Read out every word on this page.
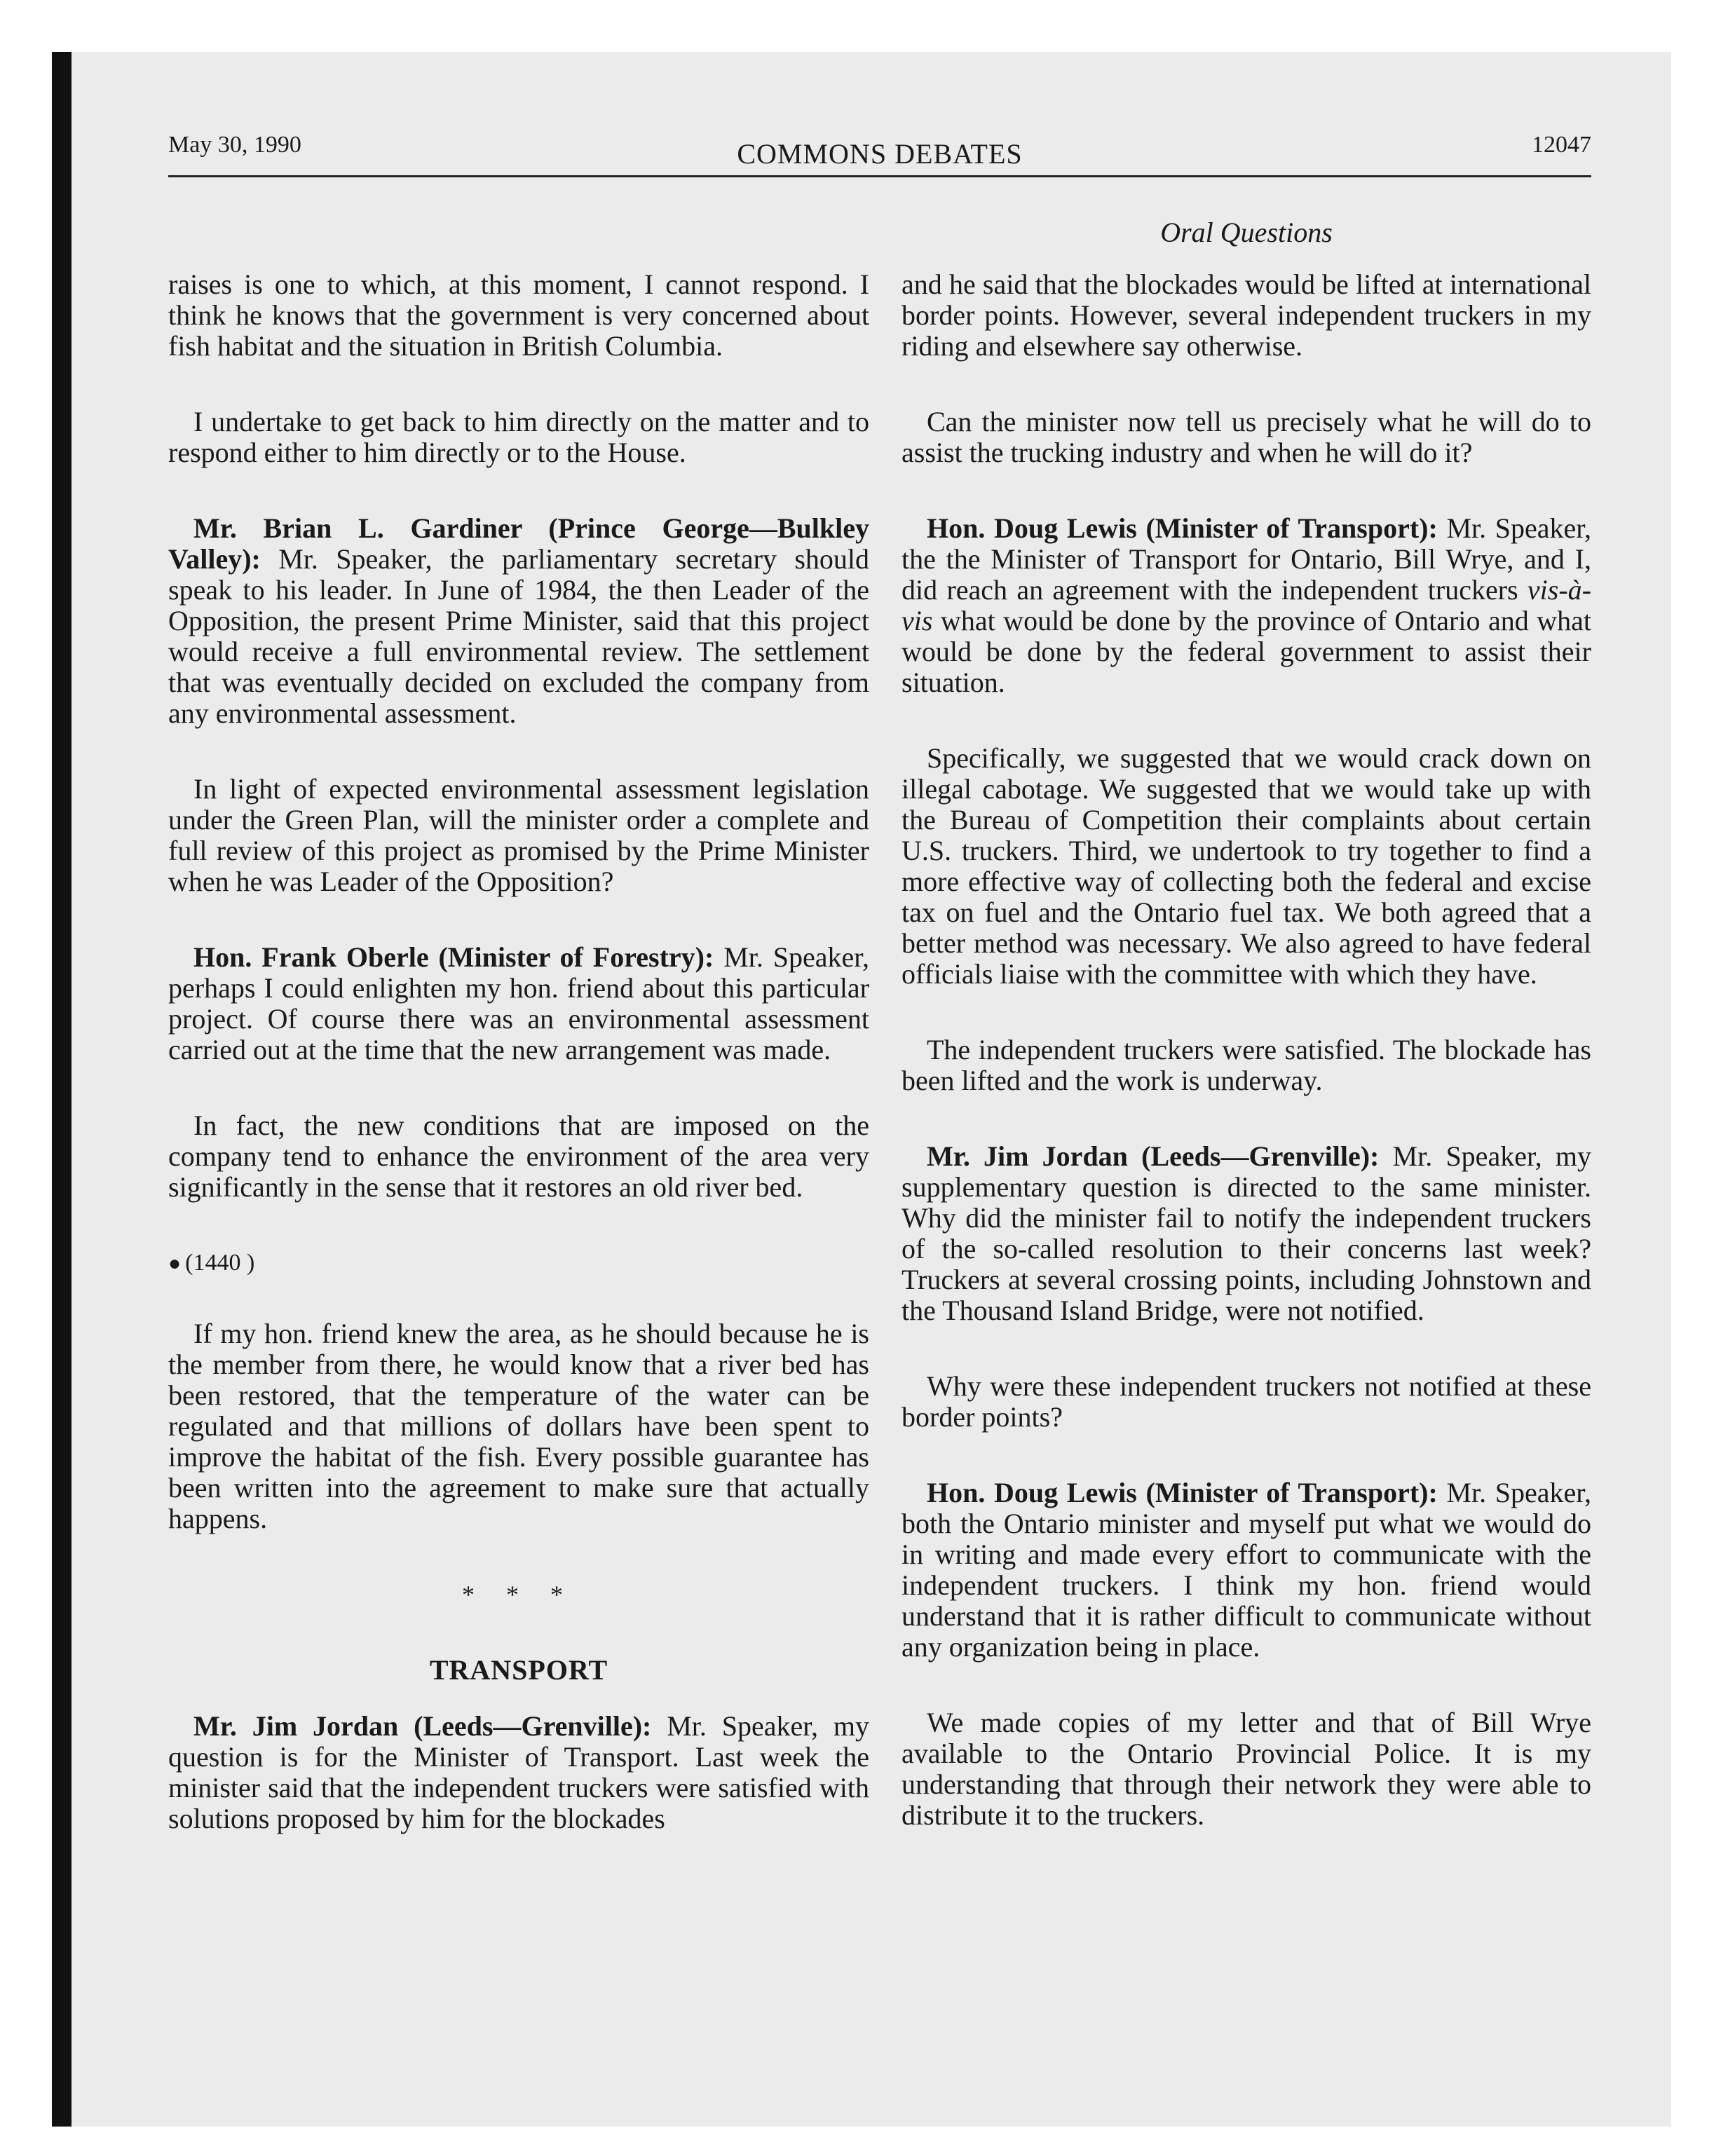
May 30, 1990	COMMONS DEBATES	12047
Oral Questions

raises is one to which, at this moment, I cannot respond. I think he knows that the government is very concerned about fish habitat and the situation in British Columbia.

I undertake to get back to him directly on the matter and to respond either to him directly or to the House.

Mr. Brian L. Gardiner (Prince George—Bulkley Valley): Mr. Speaker, the parliamentary secretary should speak to his leader. In June of 1984, the then Leader of the Opposition, the present Prime Minister, said that this project would receive a full environmental review. The settlement that was eventually decided on excluded the company from any environmental assessment.

In light of expected environmental assessment legislation under the Green Plan, will the minister order a complete and full review of this project as promised by the Prime Minister when he was Leader of the Opposition?

Hon. Frank Oberle (Minister of Forestry): Mr. Speaker, perhaps I could enlighten my hon. friend about this particular project. Of course there was an environmental assessment carried out at the time that the new arrangement was made.

In fact, the new conditions that are imposed on the company tend to enhance the environment of the area very significantly in the sense that it restores an old river bed.

● (1440 )

If my hon. friend knew the area, as he should because he is the member from there, he would know that a river bed has been restored, that the temperature of the water can be regulated and that millions of dollars have been spent to improve the habitat of the fish. Every possible guarantee has been written into the agreement to make sure that actually happens.

* * *
TRANSPORT

Mr. Jim Jordan (Leeds—Grenville): Mr. Speaker, my question is for the Minister of Transport. Last week the minister said that the independent truckers were satisfied with solutions proposed by him for the blockades

and he said that the blockades would be lifted at international border points. However, several independent truckers in my riding and elsewhere say otherwise.

Can the minister now tell us precisely what he will do to assist the trucking industry and when he will do it?

Hon. Doug Lewis (Minister of Transport): Mr. Speaker, the the Minister of Transport for Ontario, Bill Wrye, and I, did reach an agreement with the independent truckers vis-à-vis what would be done by the province of Ontario and what would be done by the federal government to assist their situation.

Specifically, we suggested that we would crack down on illegal cabotage. We suggested that we would take up with the Bureau of Competition their complaints about certain U.S. truckers. Third, we undertook to try together to find a more effective way of collecting both the federal and excise tax on fuel and the Ontario fuel tax. We both agreed that a better method was necessary. We also agreed to have federal officials liaise with the committee with which they have.

The independent truckers were satisfied. The blockade has been lifted and the work is underway.

Mr. Jim Jordan (Leeds—Grenville): Mr. Speaker, my supplementary question is directed to the same minister. Why did the minister fail to notify the independent truckers of the so-called resolution to their concerns last week? Truckers at several crossing points, including Johnstown and the Thousand Island Bridge, were not notified.

Why were these independent truckers not notified at these border points?

Hon. Doug Lewis (Minister of Transport): Mr. Speaker, both the Ontario minister and myself put what we would do in writing and made every effort to communicate with the independent truckers. I think my hon. friend would understand that it is rather difficult to communicate without any organization being in place.

We made copies of my letter and that of Bill Wrye available to the Ontario Provincial Police. It is my understanding that through their network they were able to distribute it to the truckers.
